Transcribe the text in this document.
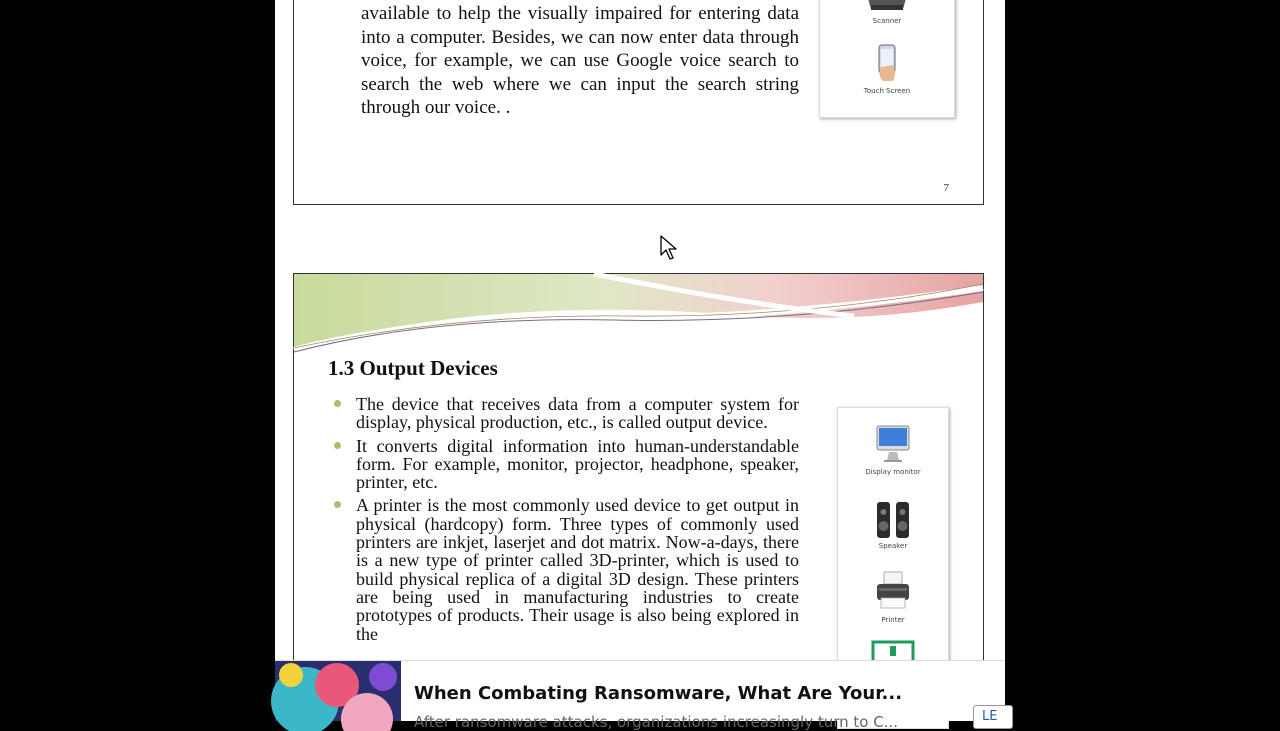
available to help the visually impaired for entering data into a computer. Besides, we can now enter data through voice, for example, we can use Google voice search to search the web where we can input the search string through our voice. .

Scanner
Touch Screen
7
1.3 Output Devices
The device that receives data from a computer system for display, physical production, etc., is called output device.
It converts digital information into human-understandable form. For example, monitor, projector, headphone, speaker, printer, etc.
A printer is the most commonly used device to get output in physical (hardcopy) form. Three types of commonly used printers are inkjet, laserjet and dot matrix. Now-a-days, there is a new type of printer called 3D-printer, which is used to build physical replica of a digital 3D design. These printers are being used in manufacturing industries to create prototypes of products. Their usage is also being explored in the
Display monitor
Speaker
Printer
When Combating Ransomware, What Are Your...
After ransomware attacks, organizations increasingly turn to C...	LE
